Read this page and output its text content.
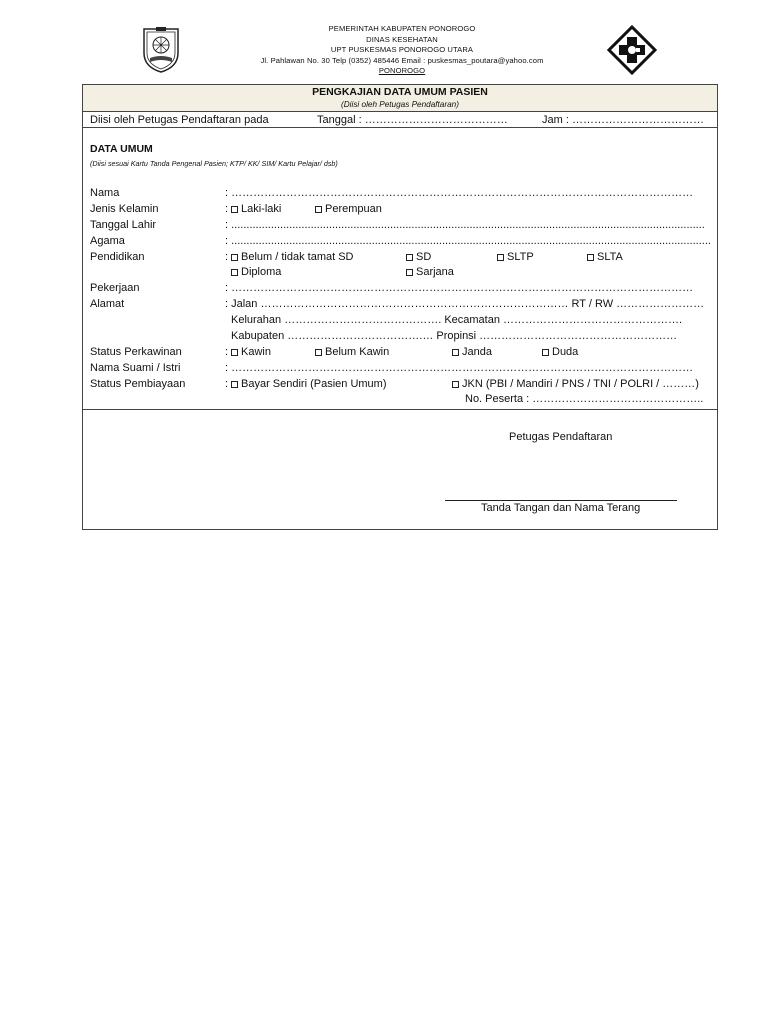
PEMERINTAH KABUPATEN PONOROGO
DINAS KESEHATAN
UPT PUSKESMAS PONOROGO UTARA
Jl. Pahlawan No. 30 Telp (0352) 485446 Email : puskesmas_poutara@yahoo.com
PONOROGO
PENGKAJIAN DATA UMUM PASIEN
(Diisi oleh Petugas Pendaftaran)
Diisi oleh Petugas Pendaftaran pada	Tanggal : …………………………………	Jam : ………………………………
DATA UMUM
(Diisi sesuai Kartu Tanda Pengenal Pasien; KTP/ KK/ SIM/ Kartu Pelajar/ dsb)
Nama	: ………………………………………………………………………………………………………………
Jenis Kelamin	:	Laki-laki	Perempuan
Tanggal Lahir	: ...........................................................................................................................................................
Agama	: .............................................................................................................................................................
Pendidikan	:	Belum / tidak tamat SD	SD	SLTP	SLTA
Diploma	Sarjana
Pekerjaan	: ………………………………………………………………………………………………………………
Alamat	: Jalan ………………………………………………………………………… RT / RW ……………………
Kelurahan ……………………………………. Kecamatan ………………………………………….
Kabupaten ……………………………….… Propinsi ………………………………………………
Status Perkawinan	:	Kawin	Belum Kawin	Janda	Duda
Nama Suami / Istri	: ………………………………………………………………………………………………………………
Status Pembiayaan	:	Bayar Sendiri (Pasien Umum)	JKN (PBI / Mandiri / PNS / TNI / POLRI / ………)
No. Peserta : ………………………………………..
Petugas Pendaftaran
Tanda Tangan dan Nama Terang
